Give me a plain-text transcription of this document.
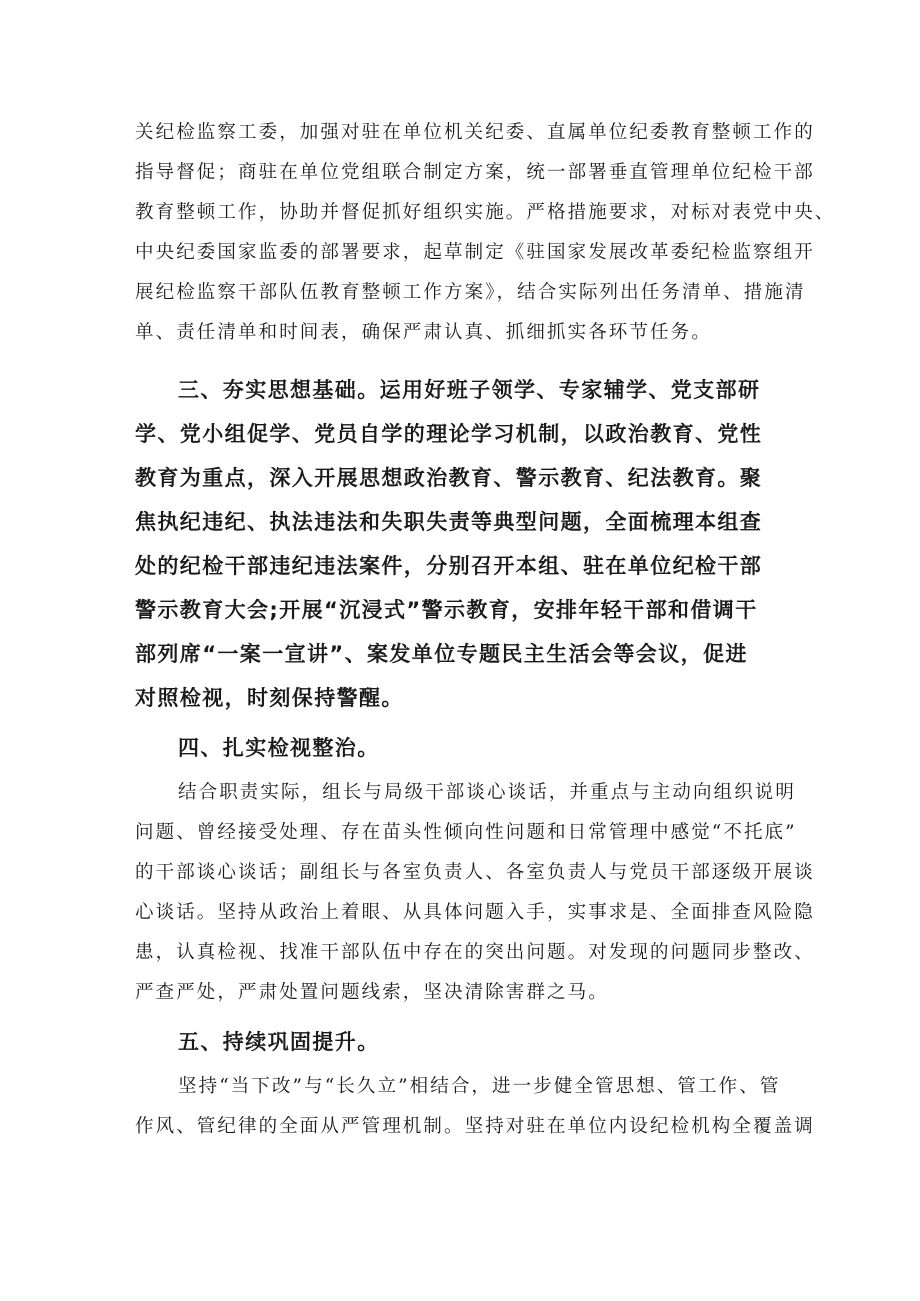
关纪检监察工委，加强对驻在单位机关纪委、直属单位纪委教育整顿工作的

指导督促；商驻在单位党组联合制定方案，统一部署垂直管理单位纪检干部

教育整顿工作，协助并督促抓好组织实施。严格措施要求，对标对表党中央、

中央纪委国家监委的部署要求，起草制定《驻国家发展改革委纪检监察组开

展纪检监察干部队伍教育整顿工作方案》，结合实际列出任务清单、措施清

单、责任清单和时间表，确保严肃认真、抓细抓实各环节任务。

三、夯实思想基础。运用好班子领学、专家辅学、党支部研

学、党小组促学、党员自学的理论学习机制，以政治教育、党性

教育为重点，深入开展思想政治教育、警示教育、纪法教育。聚

焦执纪违纪、执法违法和失职失责等典型问题，全面梳理本组查

处的纪检干部违纪违法案件，分别召开本组、驻在单位纪检干部

警示教育大会;开展“沉浸式”警示教育，安排年轻干部和借调干

部列席“一案一宣讲”、案发单位专题民主生活会等会议，促进

对照检视，时刻保持警醒。

四、扎实检视整治。

结合职责实际，组长与局级干部谈心谈话，并重点与主动向组织说明

问题、曾经接受处理、存在苗头性倾向性问题和日常管理中感觉“不托底”

的干部谈心谈话；副组长与各室负责人、各室负责人与党员干部逐级开展谈

心谈话。坚持从政治上着眼、从具体问题入手，实事求是、全面排查风险隐

患，认真检视、找准干部队伍中存在的突出问题。对发现的问题同步整改、

严查严处，严肃处置问题线索，坚决清除害群之马。

五、持续巩固提升。

坚持“当下改”与“长久立”相结合，进一步健全管思想、管工作、管

作风、管纪律的全面从严管理机制。坚持对驻在单位内设纪检机构全覆盖调
